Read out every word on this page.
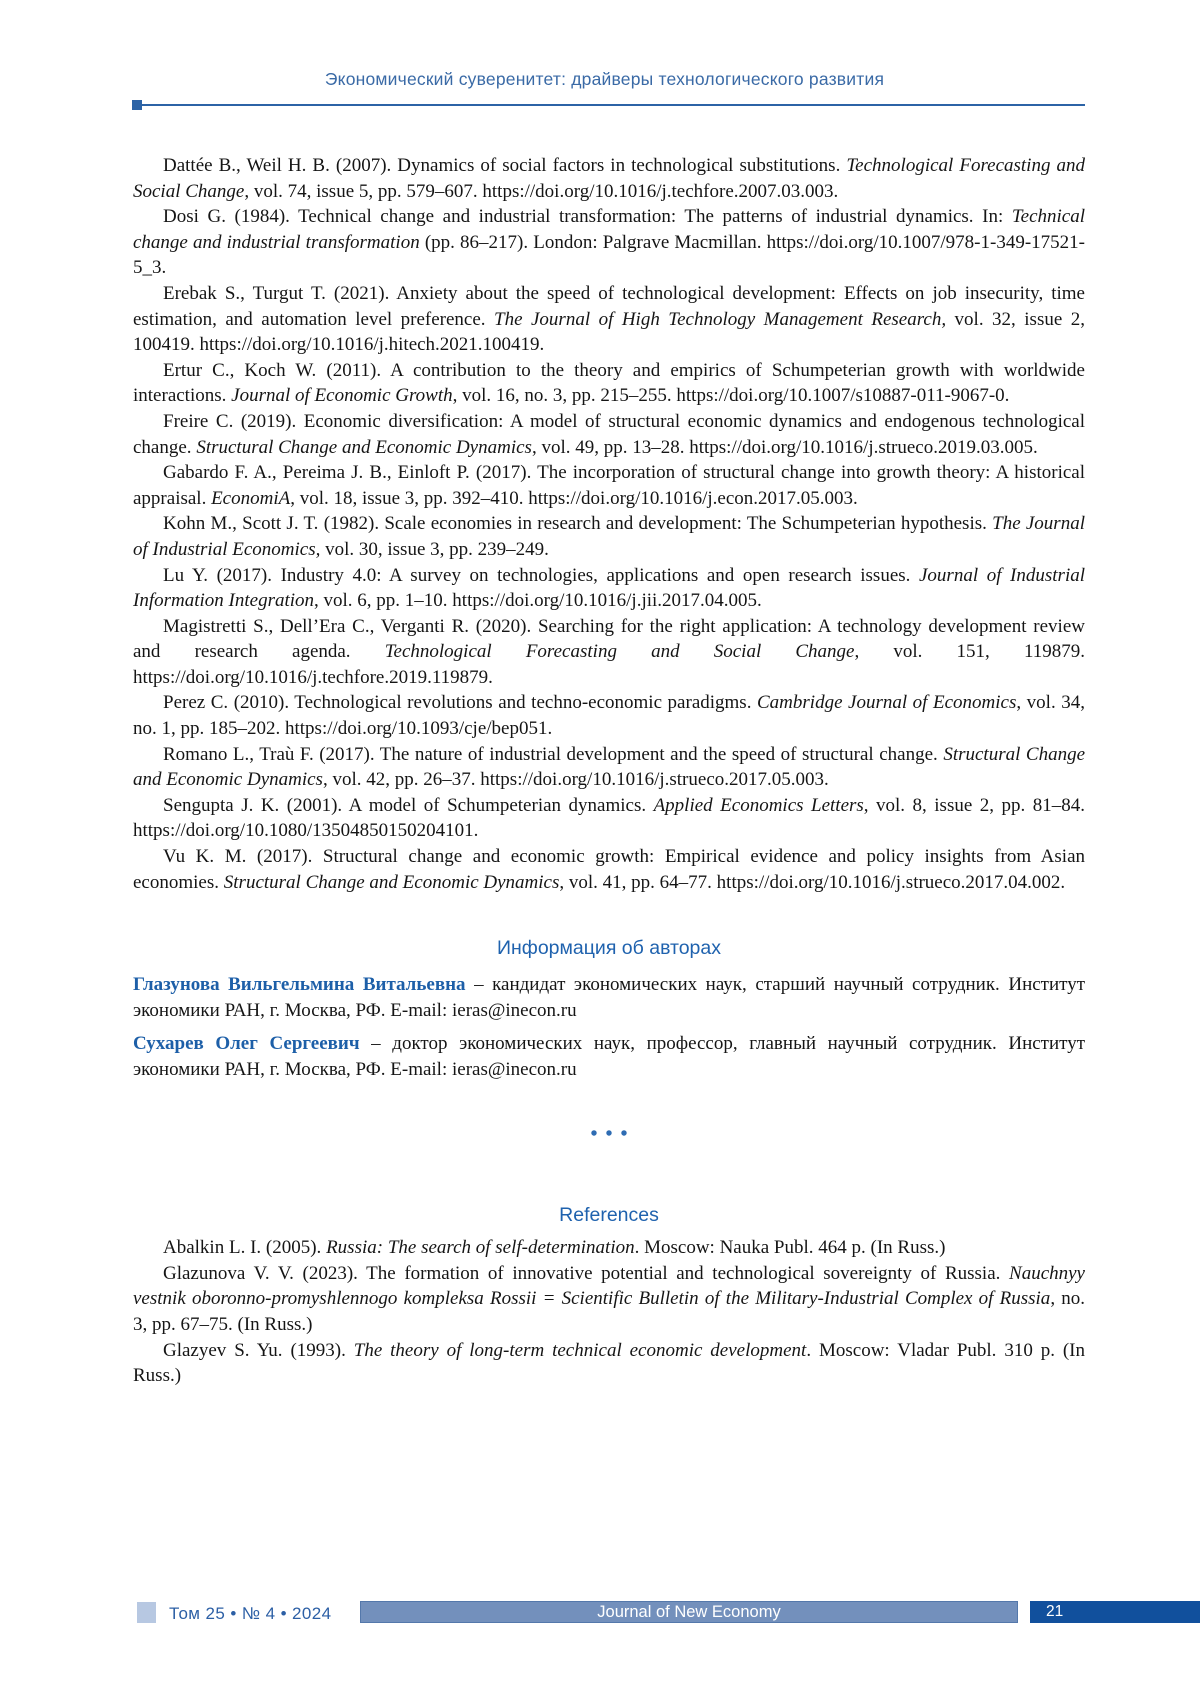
Экономический суверенитет: драйверы технологического развития

Dattée B., Weil H. B. (2007). Dynamics of social factors in technological substitutions. Technological Forecasting and Social Change, vol. 74, issue 5, pp. 579–607. https://doi.org/10.1016/j.techfore.2007.03.003.

Dosi G. (1984). Technical change and industrial transformation: The patterns of industrial dynamics. In: Technical change and industrial transformation (pp. 86–217). London: Palgrave Macmillan. https://doi.org/10.1007/978-1-349-17521-5_3.

Erebak S., Turgut T. (2021). Anxiety about the speed of technological development: Effects on job insecurity, time estimation, and automation level preference. The Journal of High Technology Management Research, vol. 32, issue 2, 100419. https://doi.org/10.1016/j.hitech.2021.100419.

Ertur C., Koch W. (2011). A contribution to the theory and empirics of Schumpeterian growth with worldwide interactions. Journal of Economic Growth, vol. 16, no. 3, pp. 215–255. https://doi.org/10.1007/s10887-011-9067-0.

Freire C. (2019). Economic diversification: A model of structural economic dynamics and endogenous technological change. Structural Change and Economic Dynamics, vol. 49, pp. 13–28. https://doi.org/10.1016/j.strueco.2019.03.005.

Gabardo F. A., Pereima J. B., Einloft P. (2017). The incorporation of structural change into growth theory: A historical appraisal. EconomiA, vol. 18, issue 3, pp. 392–410. https://doi.org/10.1016/j.econ.2017.05.003.

Kohn M., Scott J. T. (1982). Scale economies in research and development: The Schumpeterian hypothesis. The Journal of Industrial Economics, vol. 30, issue 3, pp. 239–249.

Lu Y. (2017). Industry 4.0: A survey on technologies, applications and open research issues. Journal of Industrial Information Integration, vol. 6, pp. 1–10. https://doi.org/10.1016/j.jii.2017.04.005.

Magistretti S., Dell’Era C., Verganti R. (2020). Searching for the right application: A technology development review and research agenda. Technological Forecasting and Social Change, vol. 151, 119879. https://doi.org/10.1016/j.techfore.2019.119879.

Perez C. (2010). Technological revolutions and techno-economic paradigms. Cambridge Journal of Economics, vol. 34, no. 1, pp. 185–202. https://doi.org/10.1093/cje/bep051.

Romano L., Traù F. (2017). The nature of industrial development and the speed of structural change. Structural Change and Economic Dynamics, vol. 42, pp. 26–37. https://doi.org/10.1016/j.strueco.2017.05.003.

Sengupta J. K. (2001). A model of Schumpeterian dynamics. Applied Economics Letters, vol. 8, issue 2, pp. 81–84. https://doi.org/10.1080/13504850150204101.

Vu K. M. (2017). Structural change and economic growth: Empirical evidence and policy insights from Asian economies. Structural Change and Economic Dynamics, vol. 41, pp. 64–77. https://doi.org/10.1016/j.strueco.2017.04.002.

Информация об авторах

Глазунова Вильгельмина Витальевна – кандидат экономических наук, старший научный сотрудник. Институт экономики РАН, г. Москва, РФ. E-mail: ieras@inecon.ru

Сухарев Олег Сергеевич – доктор экономических наук, профессор, главный научный сотрудник. Институт экономики РАН, г. Москва, РФ. E-mail: ieras@inecon.ru

•••
References

Abalkin L. I. (2005). Russia: The search of self-determination. Moscow: Nauka Publ. 464 p. (In Russ.)

Glazunova V. V. (2023). The formation of innovative potential and technological sovereignty of Russia. Nauchnyy vestnik oboronno-promyshlennogo kompleksa Rossii = Scientific Bulletin of the Military-Industrial Complex of Russia, no. 3, pp. 67–75. (In Russ.)

Glazyev S. Yu. (1993). The theory of long-term technical economic development. Moscow: Vladar Publ. 310 p. (In Russ.)

Том 25 • № 4 • 2024	Journal of New Economy	21
